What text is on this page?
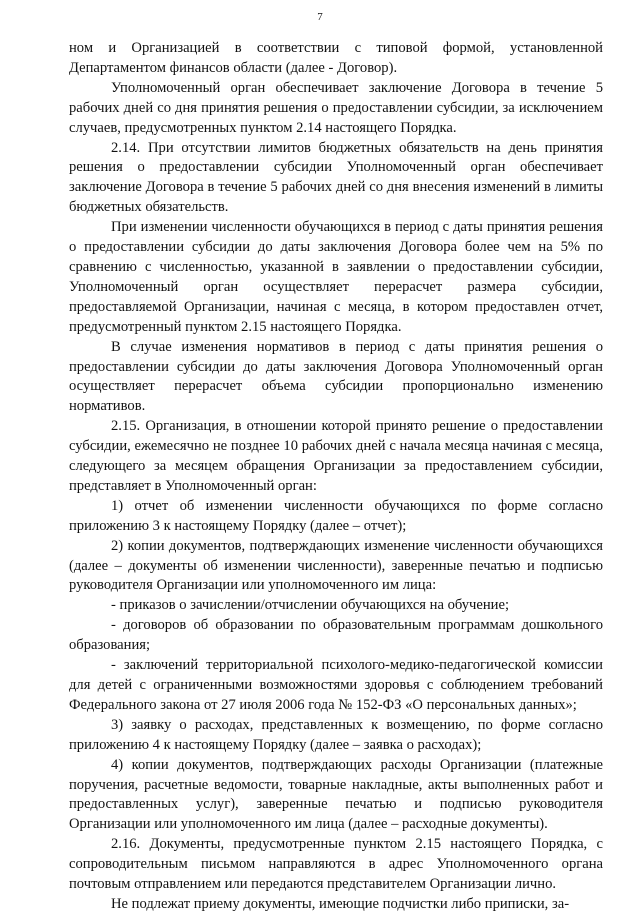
7

ном и Организацией в соответствии с типовой формой, установленной Департаментом финансов области (далее - Договор).

Уполномоченный орган обеспечивает заключение Договора в течение 5 рабочих дней со дня принятия решения о предоставлении субсидии, за исключением случаев, предусмотренных пунктом 2.14 настоящего Порядка.

2.14. При отсутствии лимитов бюджетных обязательств на день принятия решения о предоставлении субсидии Уполномоченный орган обеспечивает заключение Договора в течение 5 рабочих дней со дня внесения изменений в лимиты бюджетных обязательств.

При изменении численности обучающихся в период с даты принятия решения о предоставлении субсидии до даты заключения Договора более чем на 5% по сравнению с численностью, указанной в заявлении о предоставлении субсидии, Уполномоченный орган осуществляет перерасчет размера субсидии, предоставляемой Организации, начиная с месяца, в котором предоставлен отчет, предусмотренный пунктом 2.15 настоящего Порядка.

В случае изменения нормативов в период с даты принятия решения о предоставлении субсидии до даты заключения Договора Уполномоченный орган осуществляет перерасчет объема субсидии пропорционально изменению нормативов.

2.15. Организация, в отношении которой принято решение о предоставлении субсидии, ежемесячно не позднее 10 рабочих дней с начала месяца начиная с месяца, следующего за месяцем обращения Организации за предоставлением субсидии, представляет в Уполномоченный орган:

1) отчет об изменении численности обучающихся по форме согласно приложению 3 к настоящему Порядку (далее – отчет);

2) копии документов, подтверждающих изменение численности обучающихся (далее – документы об изменении численности), заверенные печатью и подписью руководителя Организации или уполномоченного им лица:

- приказов о зачислении/отчислении обучающихся на обучение;

- договоров об образовании по образовательным программам дошкольного образования;

- заключений территориальной психолого-медико-педагогической комиссии для детей с ограниченными возможностями здоровья с соблюдением требований Федерального закона от 27 июля 2006 года № 152-ФЗ «О персональных данных»;

3) заявку о расходах, представленных к возмещению, по форме согласно приложению 4 к настоящему Порядку (далее – заявка о расходах);

4) копии документов, подтверждающих расходы Организации (платежные поручения, расчетные ведомости, товарные накладные, акты выполненных работ и предоставленных услуг), заверенные печатью и подписью руководителя Организации или уполномоченного им лица (далее – расходные документы).

2.16. Документы, предусмотренные пунктом 2.15 настоящего Порядка, с сопроводительным письмом направляются в адрес Уполномоченного органа почтовым отправлением или передаются представителем Организации лично.

Не подлежат приему документы, имеющие подчистки либо приписки, за-
